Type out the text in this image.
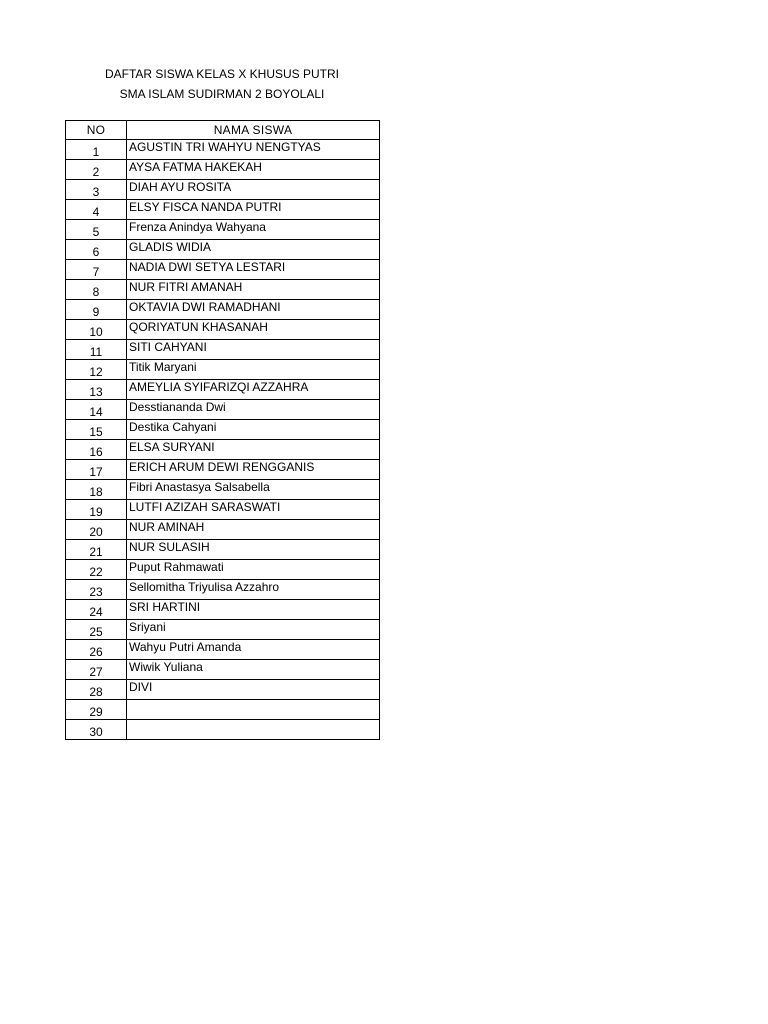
DAFTAR SISWA KELAS X KHUSUS PUTRI
SMA ISLAM SUDIRMAN 2 BOYOLALI
NO	NAMA SISWA
1	AGUSTIN TRI WAHYU NENGTYAS
2	AYSA FATMA HAKEKAH
3	DIAH AYU ROSITA
4	ELSY FISCA NANDA PUTRI
5	Frenza Anindya Wahyana
6	GLADIS WIDIA
7	NADIA DWI SETYA LESTARI
8	NUR FITRI AMANAH
9	OKTAVIA DWI RAMADHANI
10	QORIYATUN KHASANAH
11	SITI CAHYANI
12	Titik Maryani
13	AMEYLIA SYIFARIZQI AZZAHRA
14	Desstiananda Dwi
15	Destika Cahyani
16	ELSA SURYANI
17	ERICH ARUM DEWI RENGGANIS
18	Fibri Anastasya Salsabella
19	LUTFI AZIZAH SARASWATI
20	NUR AMINAH
21	NUR SULASIH
22	Puput Rahmawati
23	Sellomitha Triyulisa Azzahro
24	SRI HARTINI
25	Sriyani
26	Wahyu Putri Amanda
27	Wiwik Yuliana
28	DIVI
29	
30	
